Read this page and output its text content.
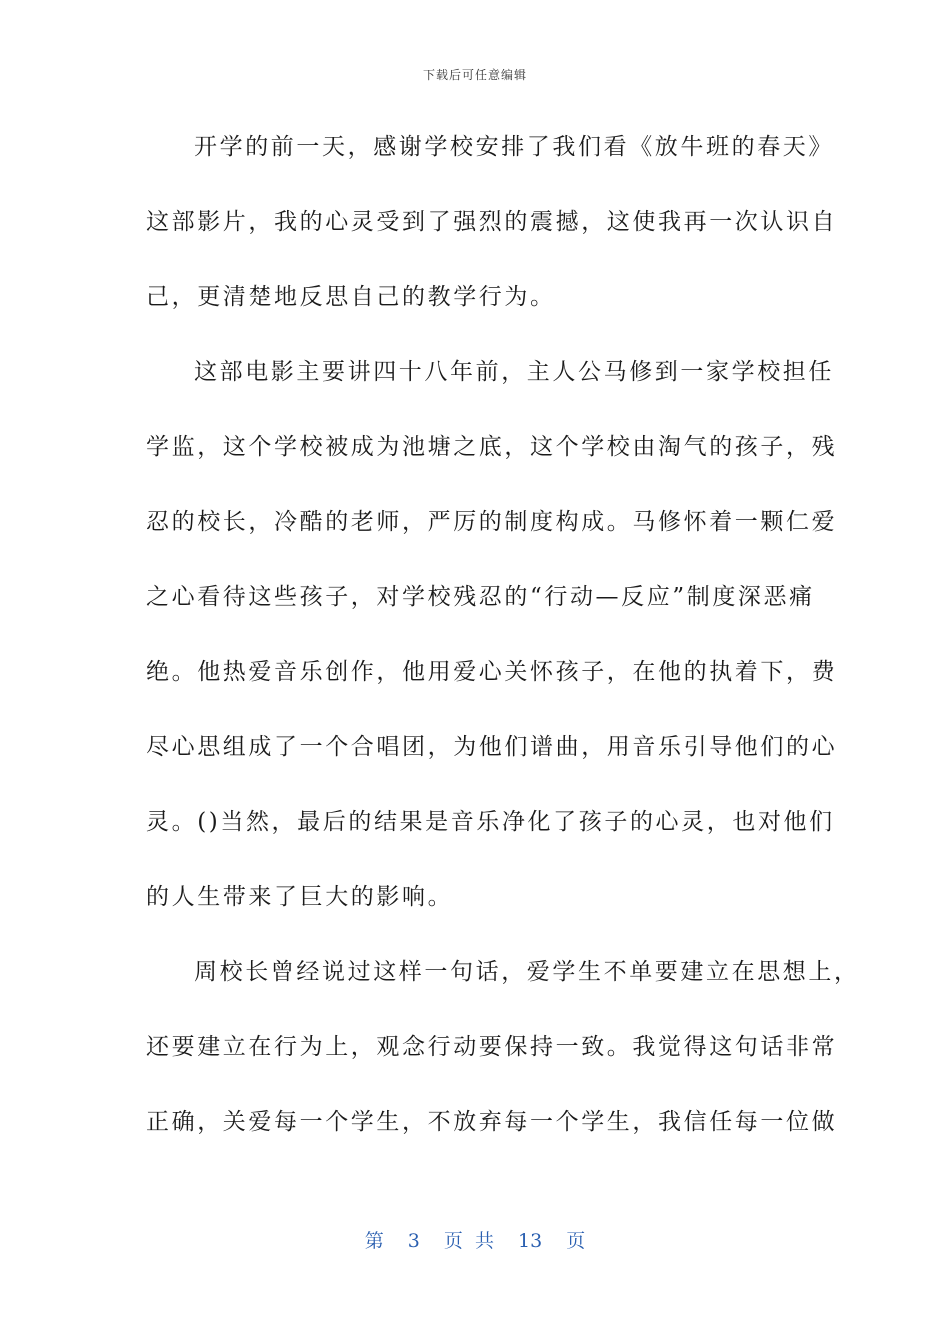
下载后可任意编辑
开学的前一天，感谢学校安排了我们看《放牛班的春天》
这部影片，我的心灵受到了强烈的震撼，这使我再一次认识自
己，更清楚地反思自己的教学行为。
这部电影主要讲四十八年前，主人公马修到一家学校担任
学监，这个学校被成为池塘之底，这个学校由淘气的孩子，残
忍的校长，冷酷的老师，严厉的制度构成。马修怀着一颗仁爱
之心看待这些孩子，对学校残忍的“行动—反应”制度深恶痛
绝。他热爱音乐创作，他用爱心关怀孩子，在他的执着下，费
尽心思组成了一个合唱团，为他们谱曲，用音乐引导他们的心
灵。()当然，最后的结果是音乐净化了孩子的心灵，也对他们
的人生带来了巨大的影响。
周校长曾经说过这样一句话，爱学生不单要建立在思想上，
还要建立在行为上，观念行动要保持一致。我觉得这句话非常
正确，关爱每一个学生，不放弃每一个学生，我信任每一位做
第 3 页 共 13 页
